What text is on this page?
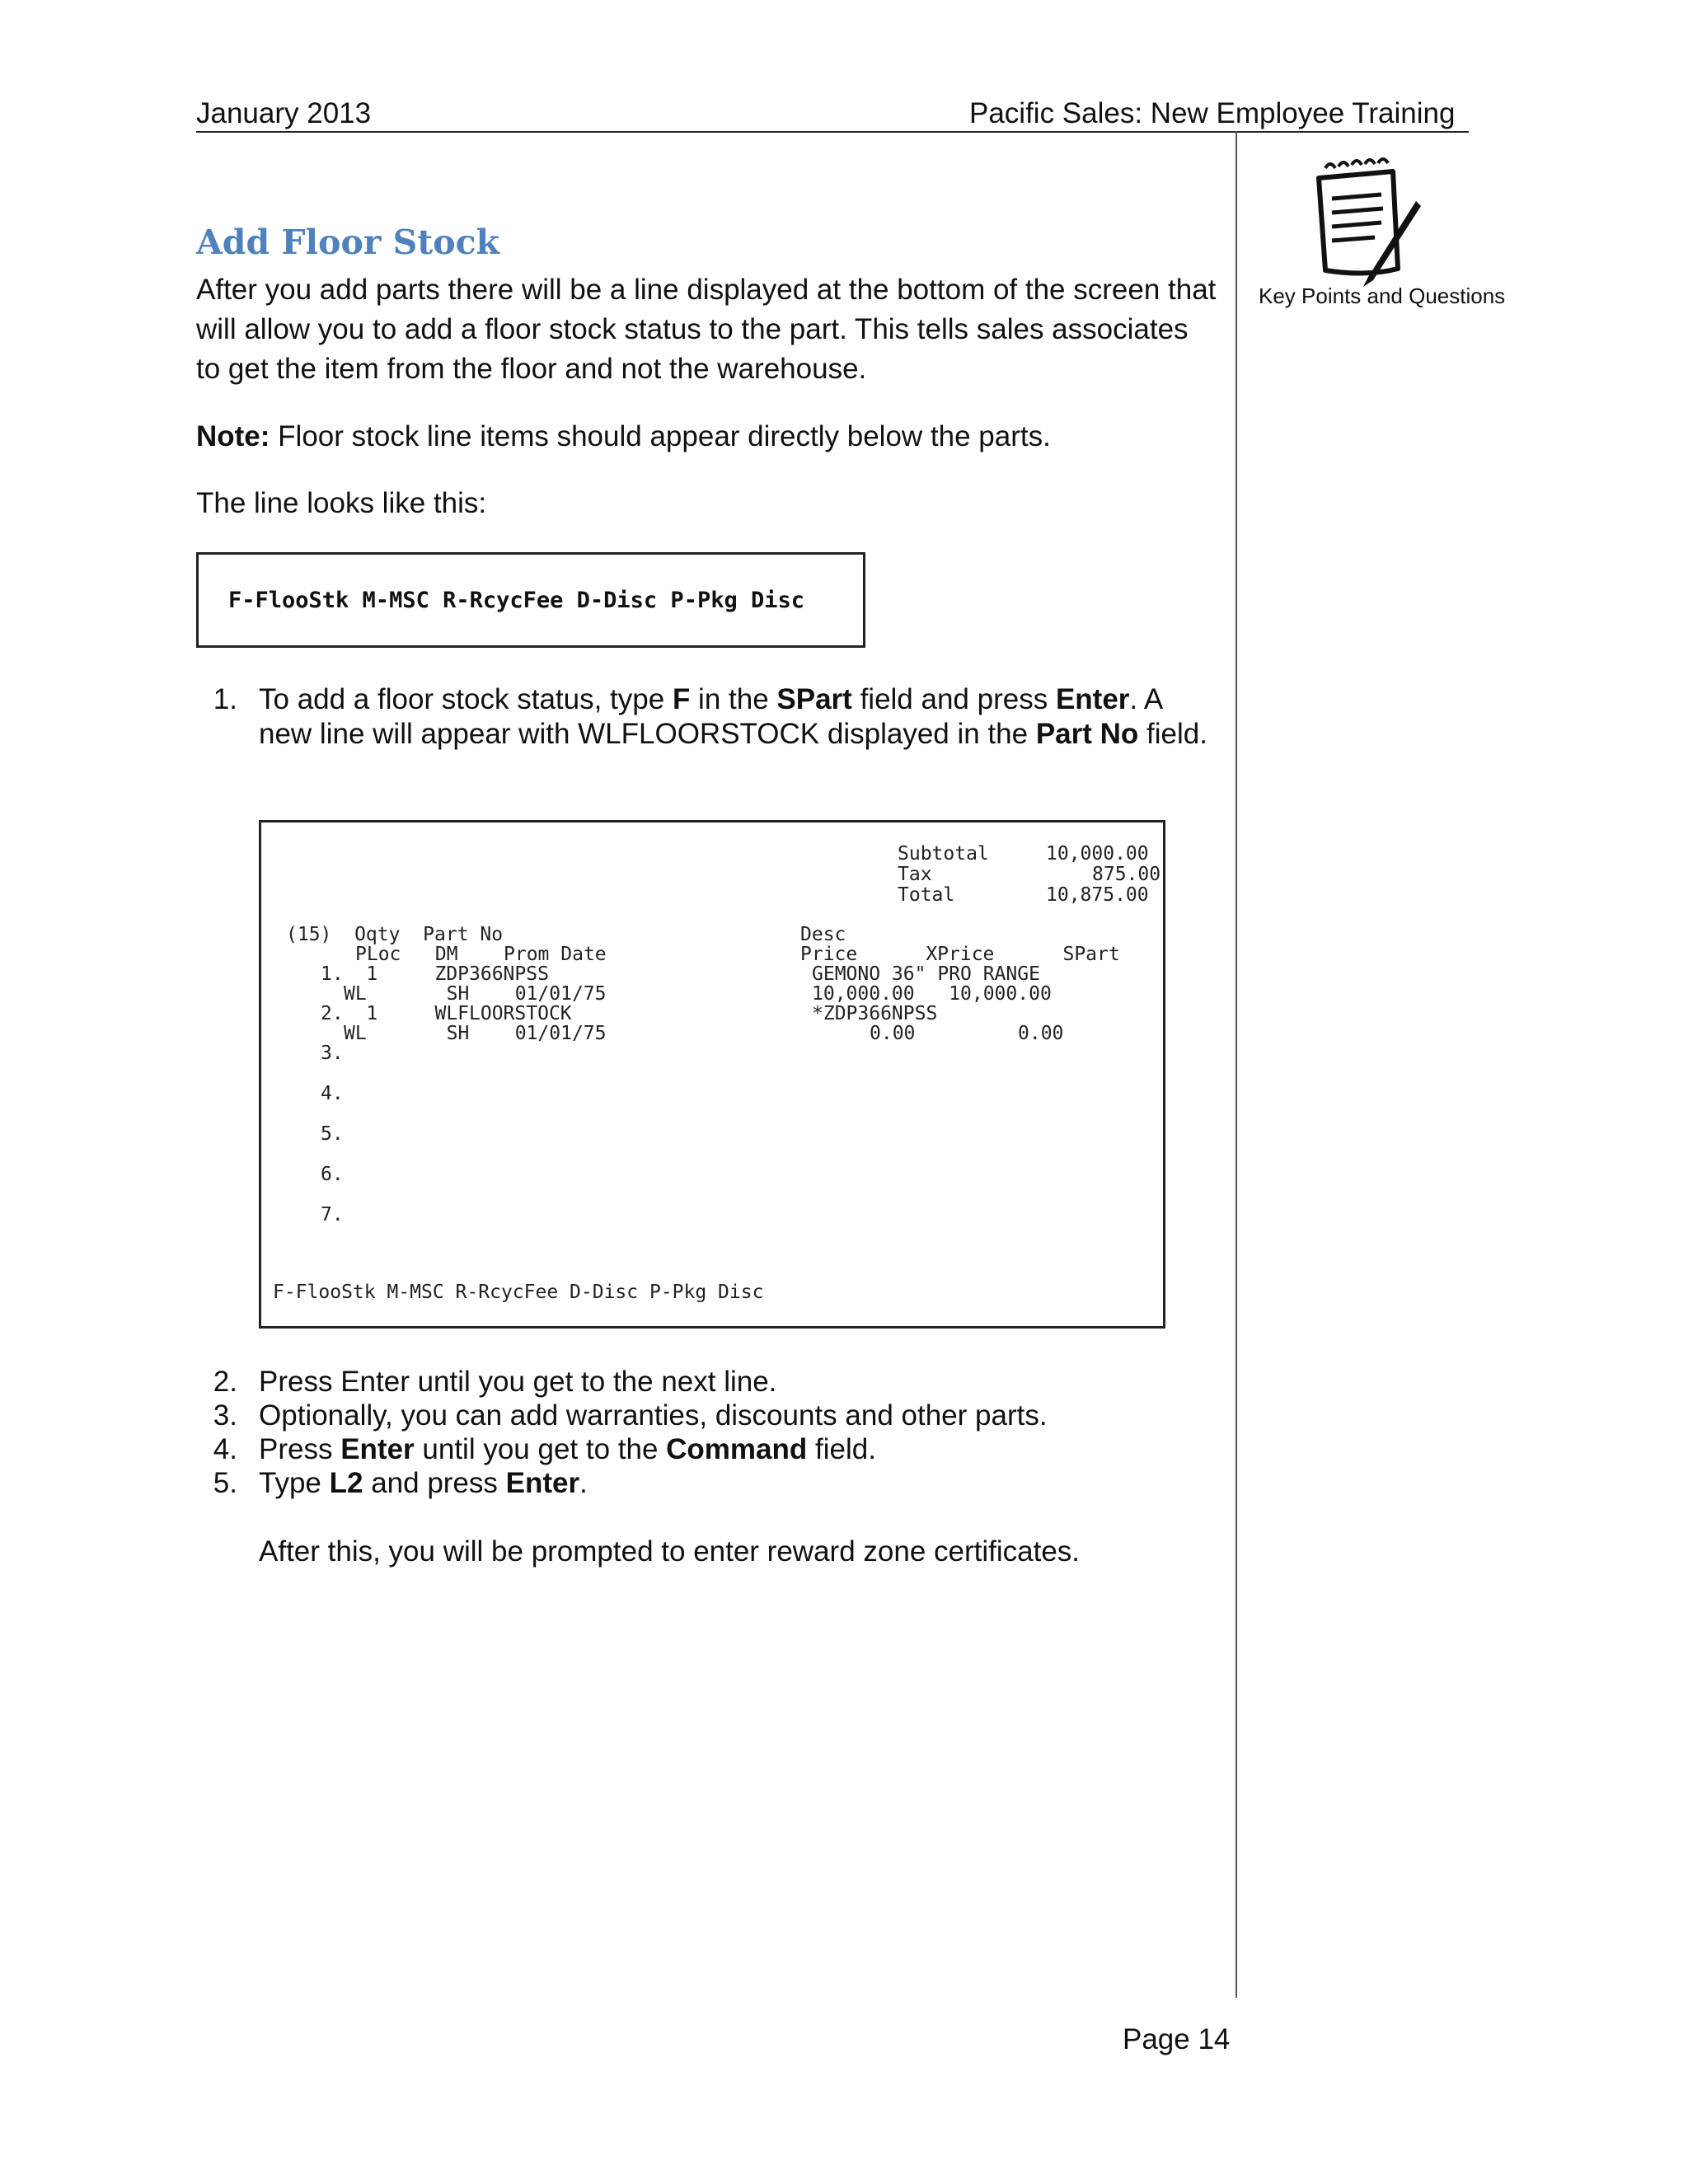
January 2013	Pacific Sales: New Employee Training
Key Points and Questions
Add Floor Stock
After you add parts there will be a line displayed at the bottom of the screen that will allow you to add a floor stock status to the part. This tells sales associates to get the item from the floor and not the warehouse.
Note: Floor stock line items should appear directly below the parts.
The line looks like this:
F-FlooStk M-MSC R-RcycFee D-Disc P-Pkg Disc
1. To add a floor stock status, type F in the SPart field and press Enter. A new line will appear with WLFLOORSTOCK displayed in the Part No field.
Subtotal	10,000.00
Tax	875.00
Total	10,875.00
(15)  Oqty  Part No	Desc
PLoc   DM    Prom Date	Price      XPrice      SPart
1.  1     ZDP366NPSS	GEMONO 36" PRO RANGE
WL       SH    01/01/75	10,000.00   10,000.00
2.  1     WLFLOORSTOCK	*ZDP366NPSS
WL       SH    01/01/75	0.00         0.00
3.
4.
5.
6.
7.
F-FlooStk M-MSC R-RcycFee D-Disc P-Pkg Disc
2. Press Enter until you get to the next line.
3. Optionally, you can add warranties, discounts and other parts.
4. Press Enter until you get to the Command field.
5. Type L2 and press Enter.
After this, you will be prompted to enter reward zone certificates.
Page 14
